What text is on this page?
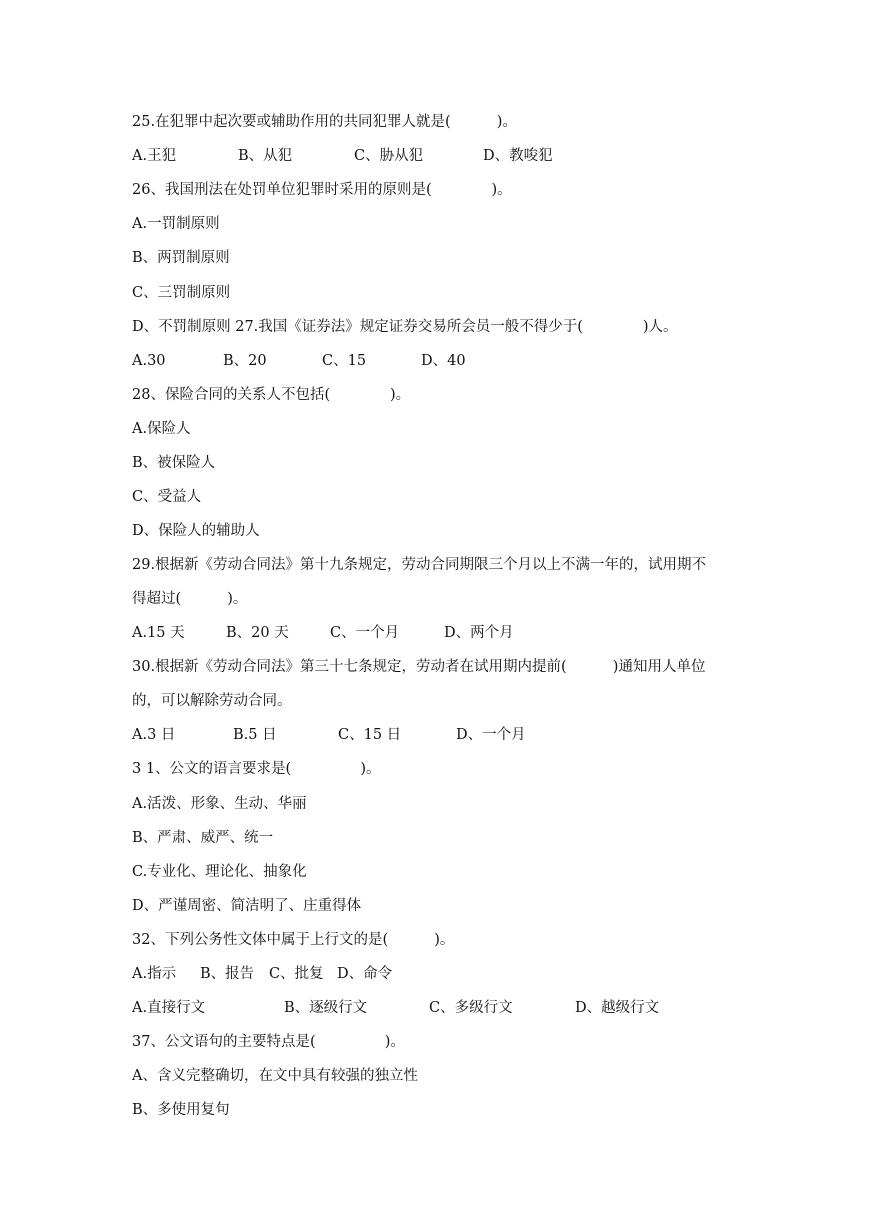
25.在犯罪中起次要或辅助作用的共同犯罪人就是(          )。
A.王犯	B、从犯	C、胁从犯	D、教唆犯
26、我国刑法在处罚单位犯罪时采用的原则是(             )。
A.一罚制原则
B、两罚制原则
C、三罚制原则
D、不罚制原则 27.我国《证券法》规定证券交易所会员一般不得少于(             )人。
A.30	B、20	C、15	D、40
28、保险合同的关系人不包括(             )。
A.保险人
B、被保险人
C、受益人
D、保险人的辅助人
29.根据新《劳动合同法》第十九条规定，劳动合同期限三个月以上不满一年的，试用期不
得超过(          )。
A.15 天	B、20 天	C、一个月	D、两个月
30.根据新《劳动合同法》第三十七条规定，劳动者在试用期内提前(          )通知用人单位
的，可以解除劳动合同。
A.3 日	B.5 日	C、15 日	D、一个月
3 1、公文的语言要求是(               )。
A.活泼、形象、生动、华丽
B、严肃、威严、统一
C.专业化、理论化、抽象化
D、严谨周密、简洁明了、庄重得体
32、下列公务性文体中属于上行文的是(          )。
A.指示 B、报告 C、批复 D、命令
A.直接行文	B、逐级行文	C、多级行文	D、越级行文
37、公文语句的主要特点是(               )。
A、含义完整确切，在文中具有较强的独立性
B、多使用复句
